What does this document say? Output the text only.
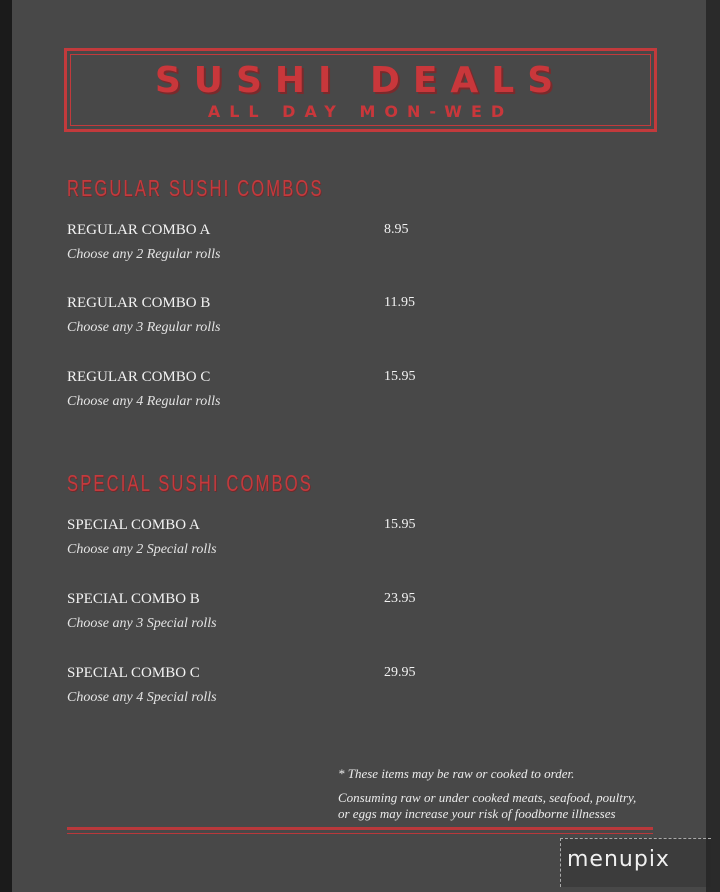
SUSHI DEALS
ALL DAY MON-WED
REGULAR SUSHI COMBOS
REGULAR COMBO A	8.95
Choose any 2 Regular rolls
REGULAR COMBO B	11.95
Choose any 3 Regular rolls
REGULAR COMBO C	15.95
Choose any 4 Regular rolls
SPECIAL SUSHI COMBOS
SPECIAL COMBO A	15.95
Choose any 2 Special rolls
SPECIAL COMBO B	23.95
Choose any 3 Special rolls
SPECIAL COMBO C	29.95
Choose any 4 Special rolls
* These items may be raw or cooked to order.
Consuming raw or under cooked meats, seafood, poultry,
or eggs may increase your risk of foodborne illnesses
menupix
